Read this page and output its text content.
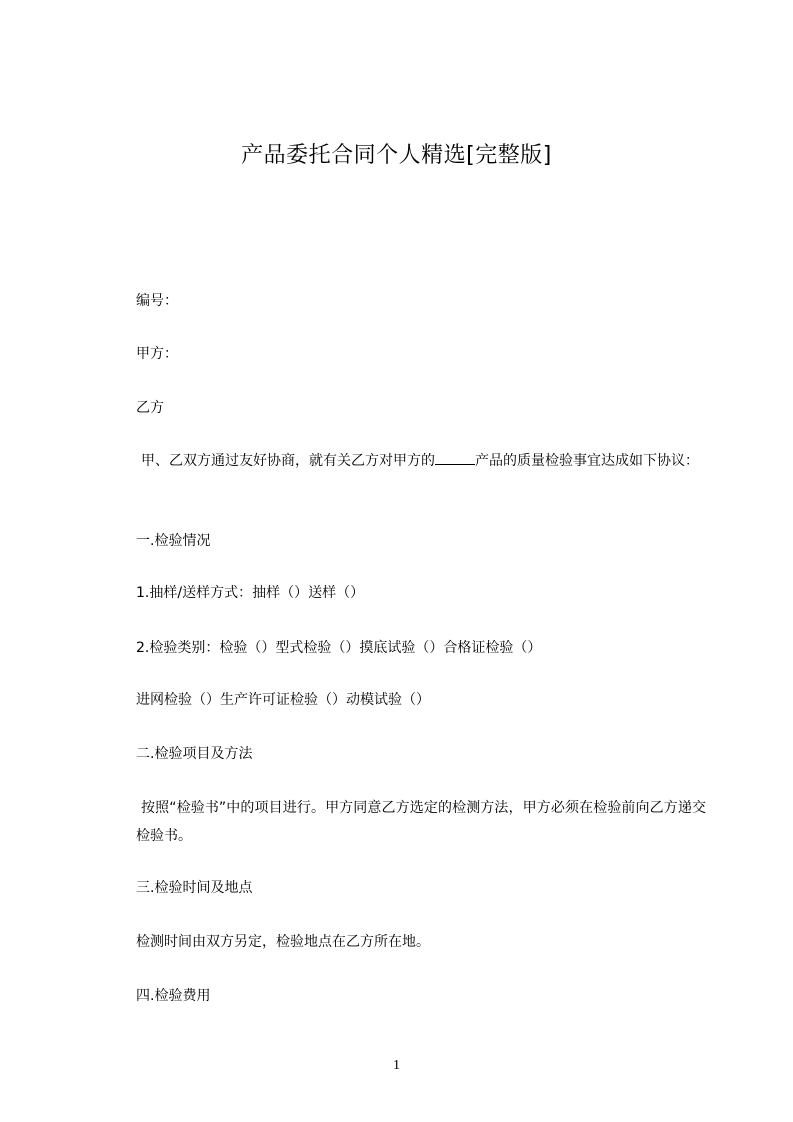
产品委托合同个人精选[完整版]
编号：
甲方：
乙方
甲、乙双方通过友好协商，就有关乙方对甲方的	产品的质量检验事宜达成如下协议：
一.检验情况
1.抽样/送样方式：抽样（）送样（）
2.检验类别：检验（）型式检验（）摸底试验（）合格证检验（）
进网检验（）生产许可证检验（）动模试验（）
二.检验项目及方法
按照“检验书”中的项目进行。甲方同意乙方选定的检测方法，甲方必须在检验前向乙方递交检验书。
三.检验时间及地点
检测时间由双方另定，检验地点在乙方所在地。
四.检验费用
1
